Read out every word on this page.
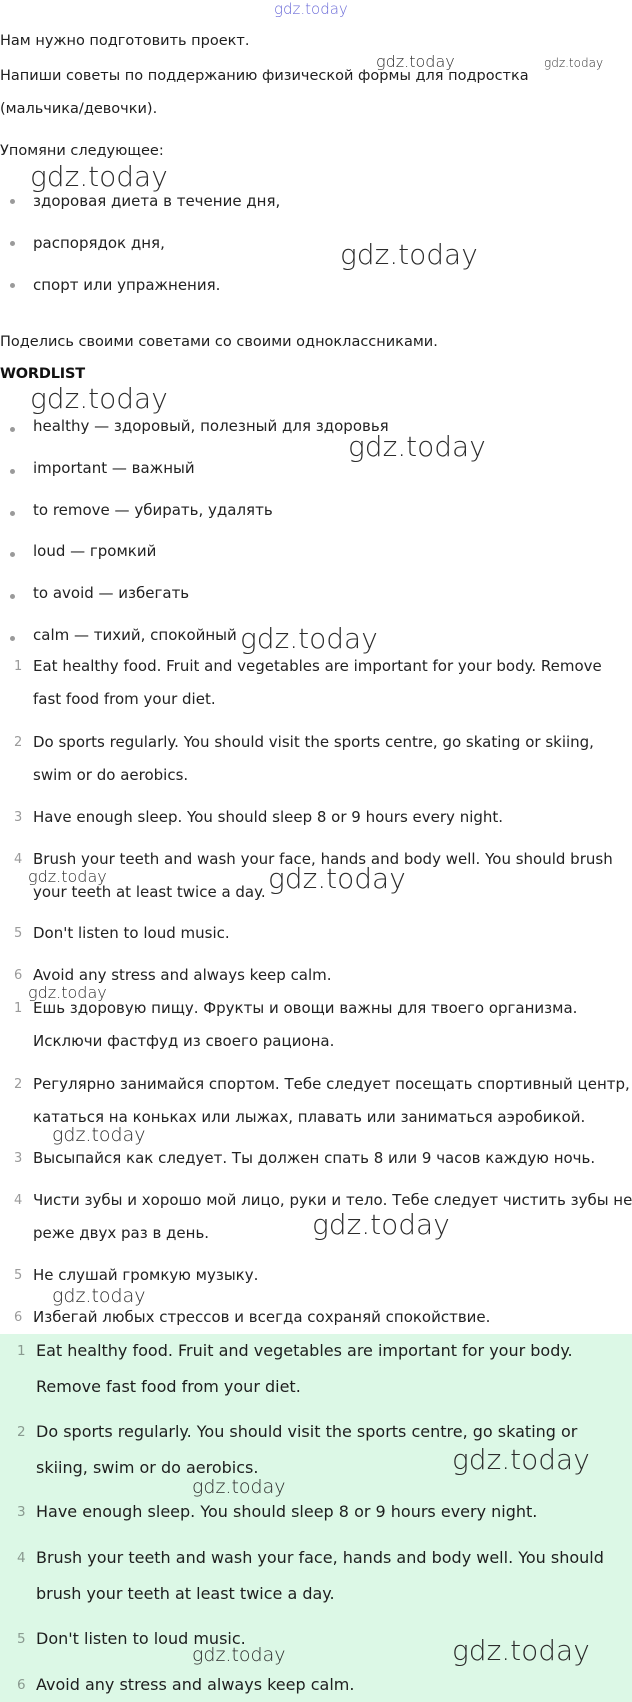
gdz.today

Нам нужно подготовить проект.

Напиши советы по поддержанию физической формы для подростка

(мальчика/девочки).

Упомяни следующее:

здоровая диета в течение дня,

распорядок дня,

спорт или упражнения.

Поделись своими советами со своими одноклассниками.

WORDLIST

healthy — здоровый, полезный для здоровья

important — важный

to remove — убирать, удалять

loud — громкий

to avoid — избегать

calm — тихий, спокойный

1 Eat healthy food. Fruit and vegetables are important for your body. Remove

fast food from your diet.

2 Do sports regularly. You should visit the sports centre, go skating or skiing,

swim or do aerobics.

3 Have enough sleep. You should sleep 8 or 9 hours every night.

4 Brush your teeth and wash your face, hands and body well. You should brush

your teeth at least twice a day.

5 Don't listen to loud music.

6 Avoid any stress and always keep calm.

1 Ешь здоровую пищу. Фрукты и овощи важны для твоего организма.

Исключи фастфуд из своего рациона.

2 Регулярно занимайся спортом. Тебе следует посещать спортивный центр,

кататься на коньках или лыжах, плавать или заниматься аэробикой.

3 Высыпайся как следует. Ты должен спать 8 или 9 часов каждую ночь.

4 Чисти зубы и хорошо мой лицо, руки и тело. Тебе следует чистить зубы не

реже двух раз в день.

5 Не слушай громкую музыку.

6 Избегай любых стрессов и всегда сохраняй спокойствие.

1 Eat healthy food. Fruit and vegetables are important for your body.

Remove fast food from your diet.

2 Do sports regularly. You should visit the sports centre, go skating or

skiing, swim or do aerobics.

3 Have enough sleep. You should sleep 8 or 9 hours every night.

4 Brush your teeth and wash your face, hands and body well. You should

brush your teeth at least twice a day.

5 Don't listen to loud music.

6 Avoid any stress and always keep calm.

gdz.today	gdz.today

gdz.today

gdz.today

gdz.today

gdz.today

gdz.today

gdz.today	gdz.today

gdz.today

gdz.today

gdz.today

gdz.today

gdz.today

gdz.today

gdz.today	gdz.today
